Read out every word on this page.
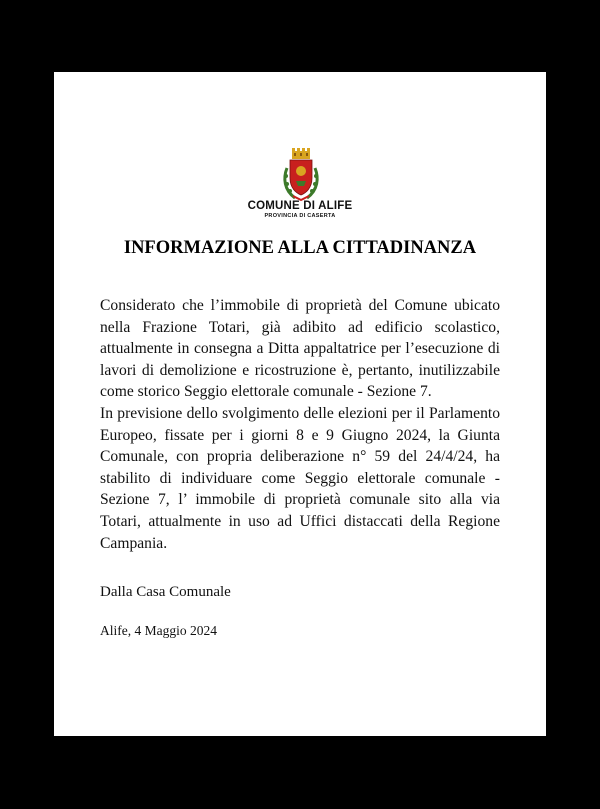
COMUNE DI ALIFE
PROVINCIA DI CASERTA
INFORMAZIONE ALLA CITTADINANZA

Considerato che l’immobile di proprietà del Comune ubicato nella Frazione Totari, già adibito ad edificio scolastico, attualmente in consegna a Ditta appaltatrice per l’esecuzione di lavori di demolizione e ricostruzione è, pertanto, inutilizzabile come storico Seggio elettorale comunale - Sezione 7.

In previsione dello svolgimento delle elezioni per il Parlamento Europeo, fissate per i giorni 8 e 9 Giugno 2024, la Giunta Comunale, con propria deliberazione n° 59 del 24/4/24, ha stabilito di individuare come Seggio elettorale comunale - Sezione 7, l’ immobile di proprietà comunale sito alla via Totari, attualmente in uso ad Uffici distaccati della Regione Campania.

Dalla Casa Comunale
Alife, 4 Maggio 2024
